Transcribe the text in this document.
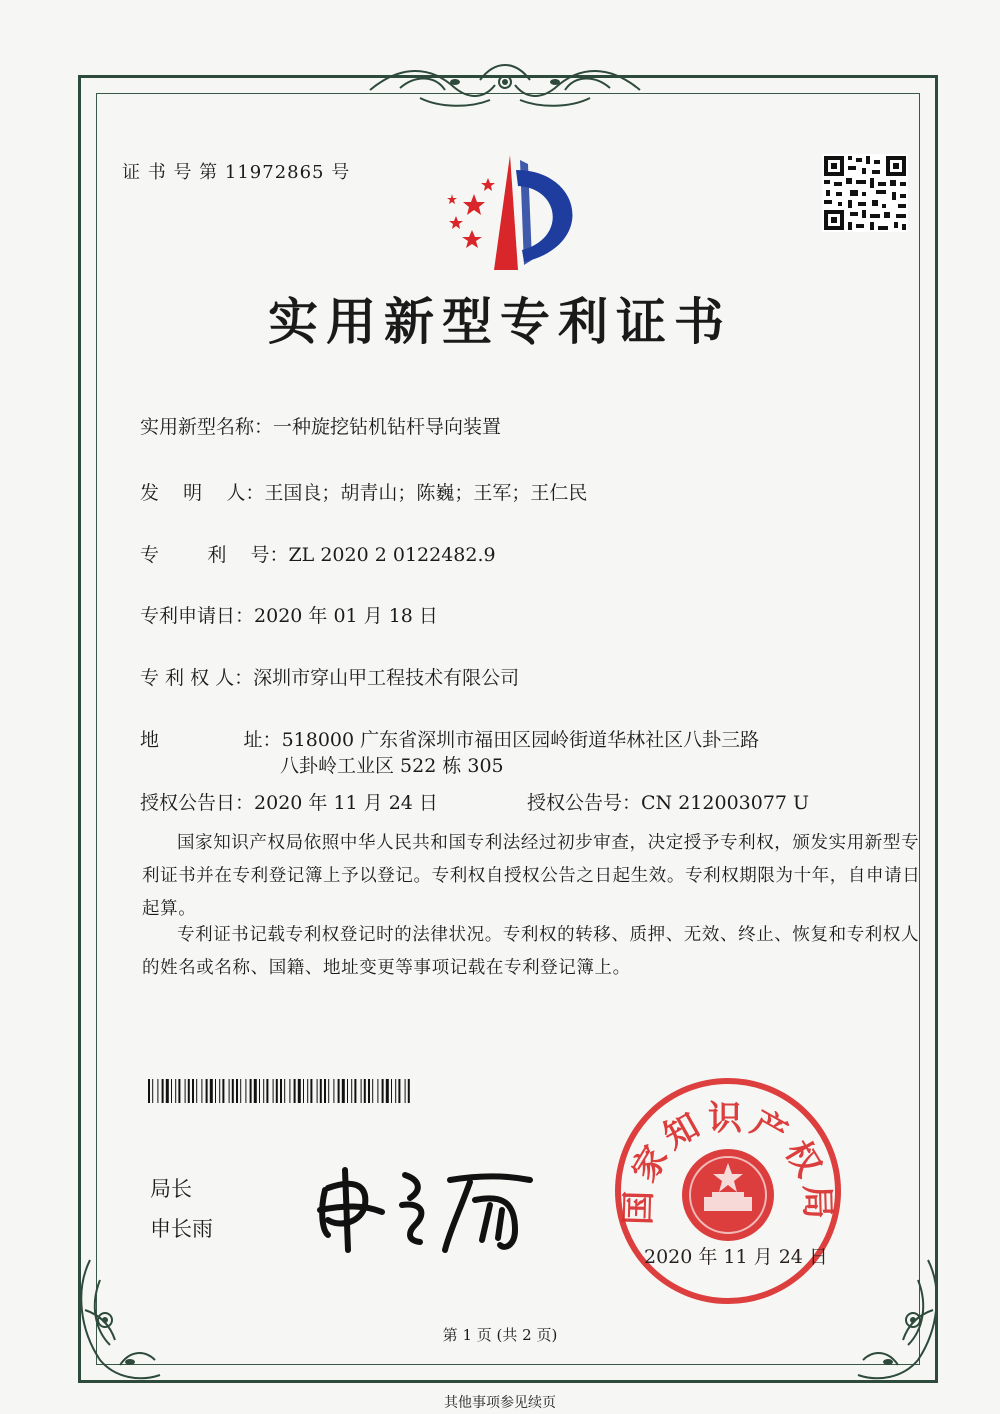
证 书 号 第 11972865 号
实用新型专利证书
实用新型名称：一种旋挖钻机钻杆导向装置
发    明    人：王国良；胡青山；陈巍；王军；王仁民
专        利    号：ZL 2020 2 0122482.9
专利申请日：2020 年 01 月 18 日
专 利 权 人：深圳市穿山甲工程技术有限公司
地              址：518000 广东省深圳市福田区园岭街道华林社区八卦三路
八卦岭工业区 522 栋 305
授权公告日：2020 年 11 月 24 日	授权公告号：CN 212003077 U
国家知识产权局依照中华人民共和国专利法经过初步审查，决定授予专利权，颁发实用新型专利证书并在专利登记簿上予以登记。专利权自授权公告之日起生效。专利权期限为十年，自申请日起算。
专利证书记载专利权登记时的法律状况。专利权的转移、质押、无效、终止、恢复和专利权人的姓名或名称、国籍、地址变更等事项记载在专利登记簿上。
局长
申长雨
国家知识产权局
2020 年 11 月 24 日
第 1 页 (共 2 页)
其他事项参见续页
